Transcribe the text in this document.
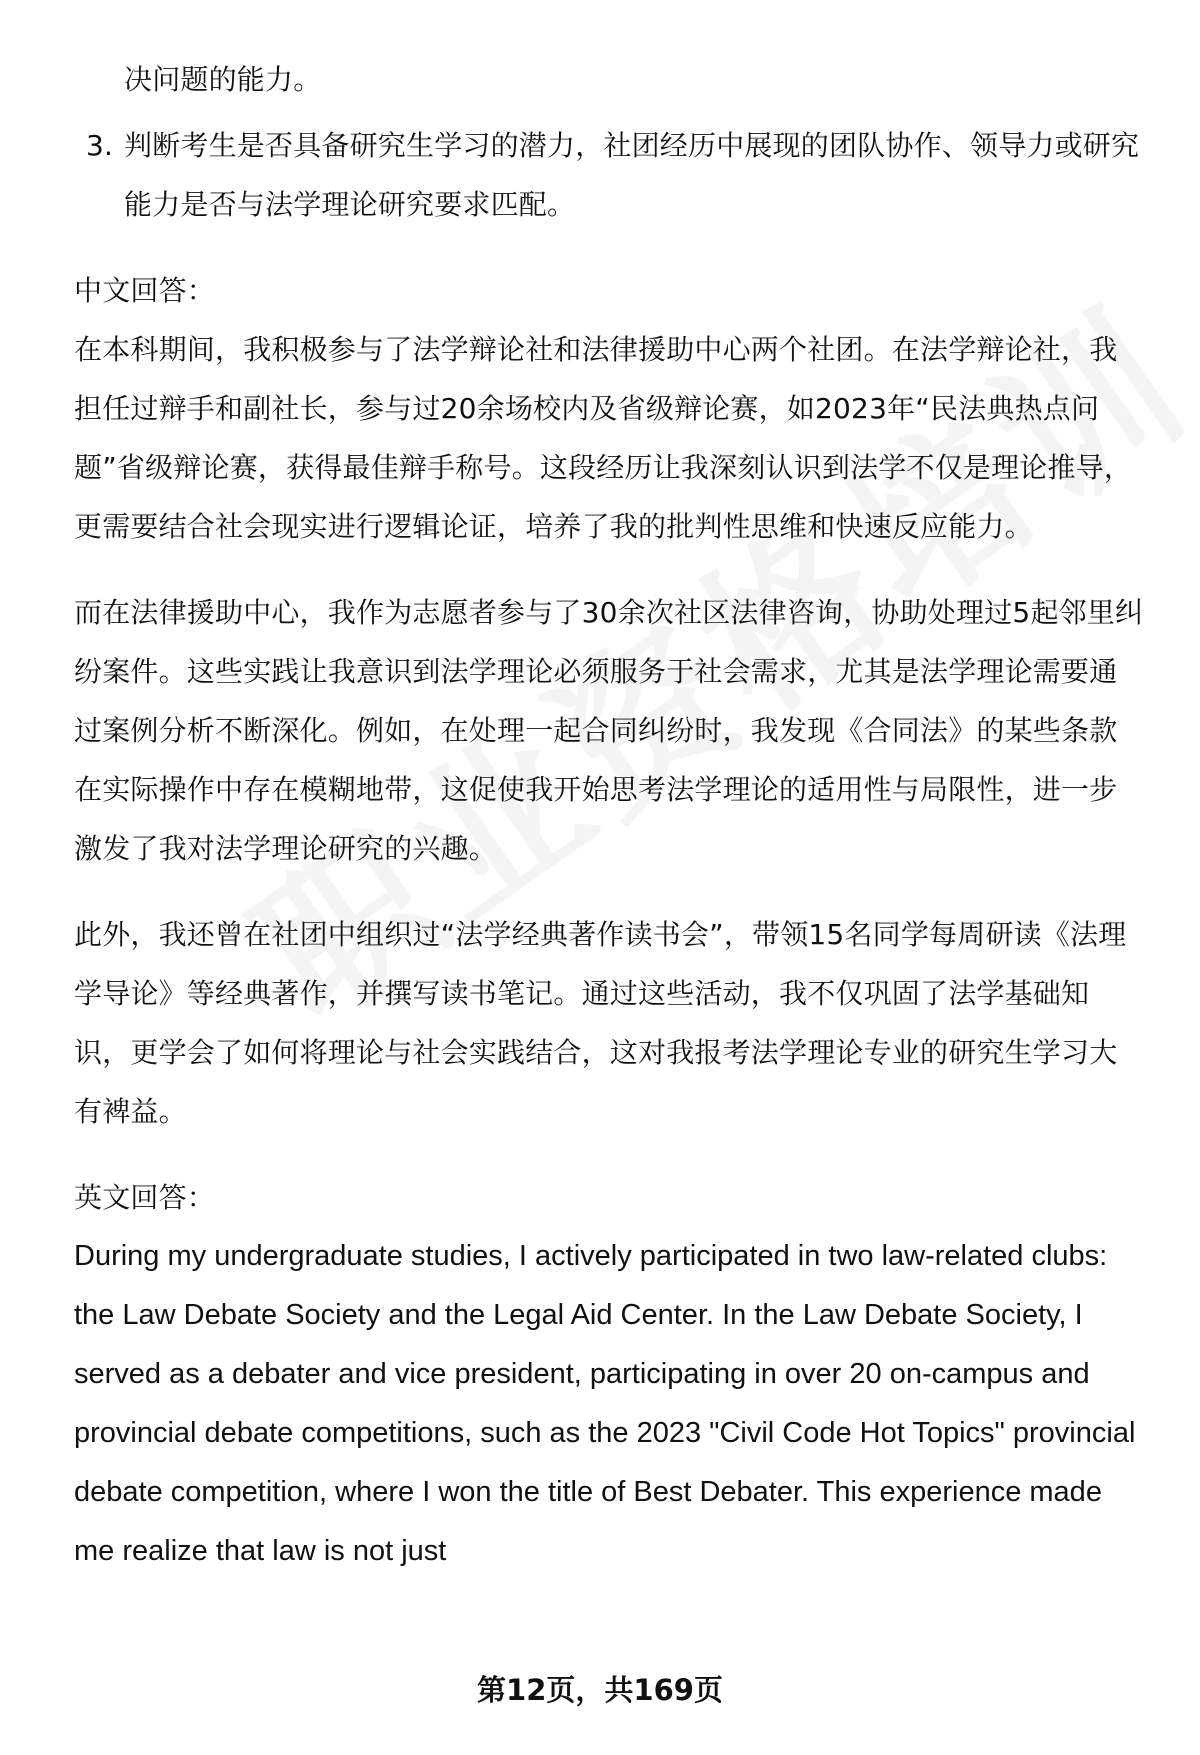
决问题的能力。

3. 判断考生是否具备研究生学习的潜力，社团经历中展现的团队协作、领导力或研究能力是否与法学理论研究要求匹配。

中文回答：

在本科期间，我积极参与了法学辩论社和法律援助中心两个社团。在法学辩论社，我担任过辩手和副社长，参与过20余场校内及省级辩论赛，如2023年“民法典热点问题”省级辩论赛，获得最佳辩手称号。这段经历让我深刻认识到法学不仅是理论推导，更需要结合社会现实进行逻辑论证，培养了我的批判性思维和快速反应能力。

而在法律援助中心，我作为志愿者参与了30余次社区法律咨询，协助处理过5起邻里纠纷案件。这些实践让我意识到法学理论必须服务于社会需求，尤其是法学理论需要通过案例分析不断深化。例如，在处理一起合同纠纷时，我发现《合同法》的某些条款在实际操作中存在模糊地带，这促使我开始思考法学理论的适用性与局限性，进一步激发了我对法学理论研究的兴趣。

此外，我还曾在社团中组织过“法学经典著作读书会”，带领15名同学每周研读《法理学导论》等经典著作，并撰写读书笔记。通过这些活动，我不仅巩固了法学基础知识，更学会了如何将理论与社会实践结合，这对我报考法学理论专业的研究生学习大有裨益。

英文回答：

During my undergraduate studies, I actively participated in two law-related clubs: the Law Debate Society and the Legal Aid Center. In the Law Debate Society, I served as a debater and vice president, participating in over 20 on-campus and provincial debate competitions, such as the 2023 "Civil Code Hot Topics" provincial debate competition, where I won the title of Best Debater. This experience made me realize that law is not just

第12页，共169页
